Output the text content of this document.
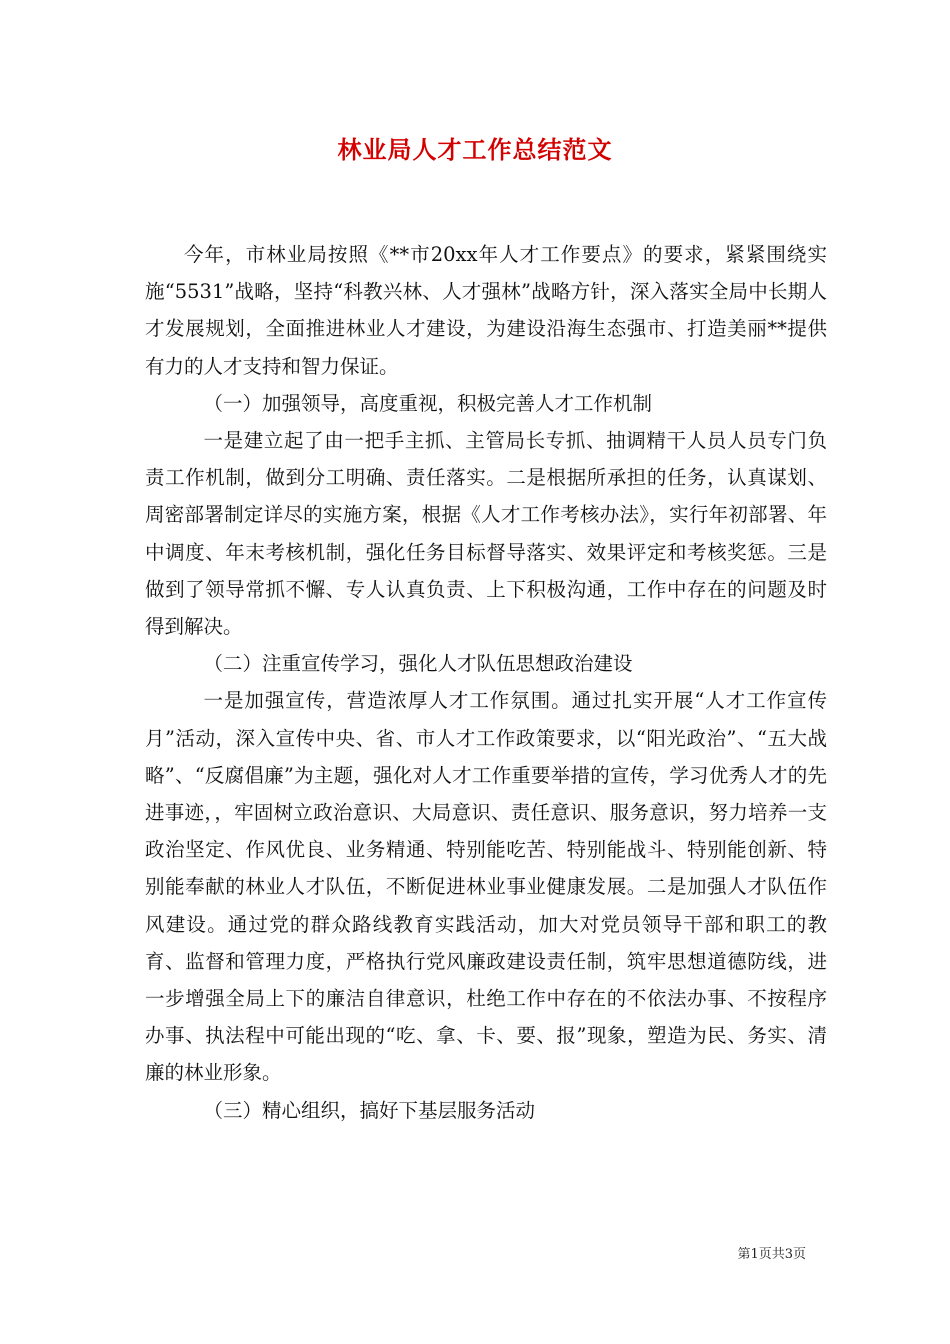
林业局人才工作总结范文

今年，市林业局按照《**市20xx年人才工作要点》的要求，紧紧围绕实施“5531”战略，坚持“科教兴林、人才强林”战略方针，深入落实全局中长期人才发展规划，全面推进林业人才建设，为建设沿海生态强市、打造美丽**提供有力的人才支持和智力保证。

（一）加强领导，高度重视，积极完善人才工作机制

一是建立起了由一把手主抓、主管局长专抓、抽调精干人员人员专门负责工作机制，做到分工明确、责任落实。二是根据所承担的任务，认真谋划、周密部署制定详尽的实施方案，根据《人才工作考核办法》，实行年初部署、年中调度、年末考核机制，强化任务目标督导落实、效果评定和考核奖惩。三是做到了领导常抓不懈、专人认真负责、上下积极沟通，工作中存在的问题及时得到解决。

（二）注重宣传学习，强化人才队伍思想政治建设

一是加强宣传，营造浓厚人才工作氛围。通过扎实开展“人才工作宣传月”活动，深入宣传中央、省、市人才工作政策要求，以“阳光政治”、“五大战略”、“反腐倡廉”为主题，强化对人才工作重要举措的宣传，学习优秀人才的先进事迹，，牢固树立政治意识、大局意识、责任意识、服务意识，努力培养一支政治坚定、作风优良、业务精通、特别能吃苦、特别能战斗、特别能创新、特别能奉献的林业人才队伍，不断促进林业事业健康发展。二是加强人才队伍作风建设。通过党的群众路线教育实践活动，加大对党员领导干部和职工的教育、监督和管理力度，严格执行党风廉政建设责任制，筑牢思想道德防线，进一步增强全局上下的廉洁自律意识，杜绝工作中存在的不依法办事、不按程序办事、执法程中可能出现的“吃、拿、卡、要、报”现象，塑造为民、务实、清廉的林业形象。

（三）精心组织，搞好下基层服务活动

第1页共3页
